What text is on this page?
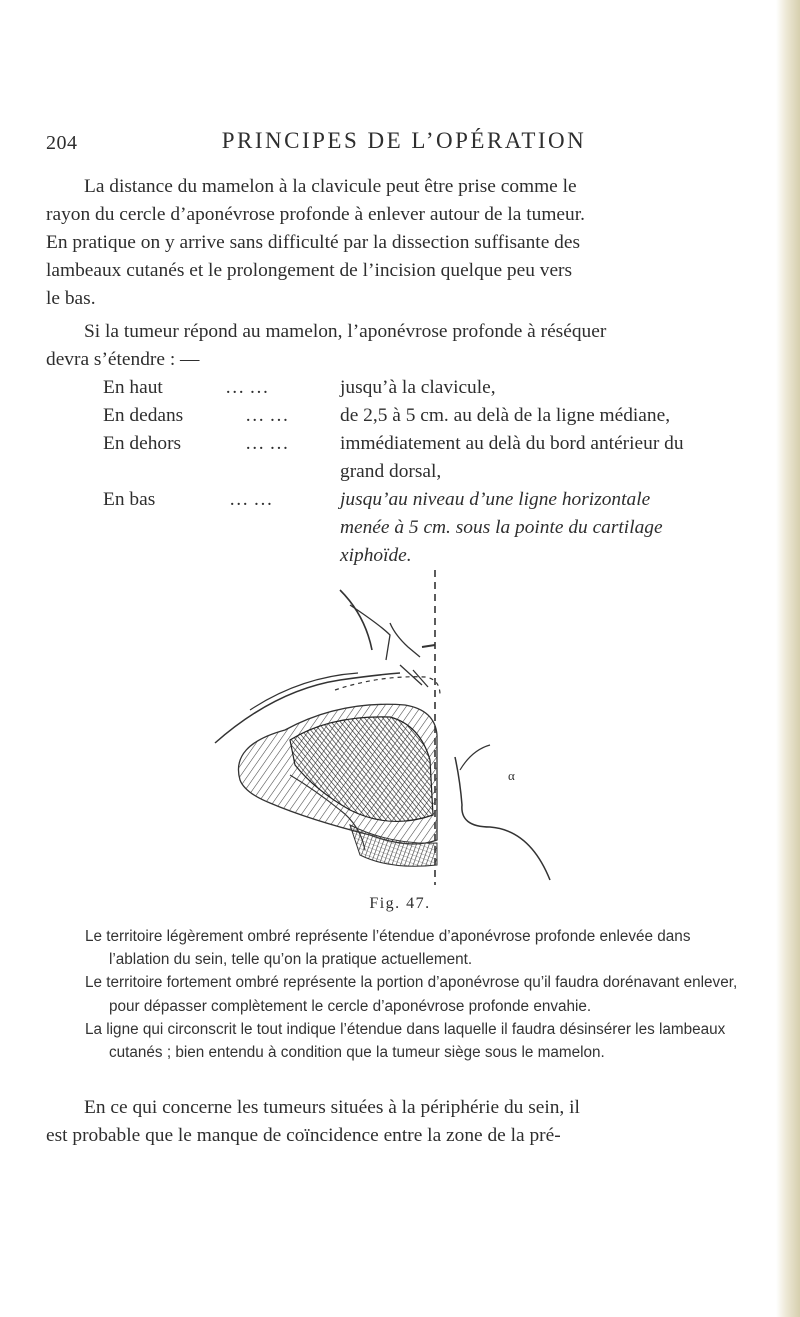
204	PRINCIPES DE L’OPÉRATION
La distance du mamelon à la clavicule peut être prise comme le
rayon du cercle d’aponévrose profonde à enlever autour de la tumeur.
En pratique on y arrive sans difficulté par la dissection suffisante des
lambeaux cutanés et le prolongement de l’incision quelque peu vers
le bas.
Si la tumeur répond au mamelon, l’aponévrose profonde à réséquer
devra s’étendre : —
En haut	… …	jusqu’à la clavicule,
En dedans	… …	de 2,5 à 5 cm. au delà de la ligne médiane,
En dehors	… …	immédiatement au delà du bord antérieur du
grand dorsal,
En bas	… …	jusqu’au niveau d’une ligne horizontale
menée à 5 cm. sous la pointe du cartilage
xiphoïde.
α
Fig. 47.

Le territoire légèrement ombré représente l’étendue d’aponévrose profonde enlevée dans l’ablation du sein, telle qu’on la pratique actuellement.

Le territoire fortement ombré représente la portion d’aponévrose qu’il faudra dorénavant enlever, pour dépasser complètement le cercle d’aponévrose profonde envahie.

La ligne qui circonscrit le tout indique l’étendue dans laquelle il faudra désinsérer les lambeaux cutanés ; bien entendu à condition que la tumeur siège sous le mamelon.

En ce qui concerne les tumeurs situées à la périphérie du sein, il
est probable que le manque de coïncidence entre la zone de la pré-
